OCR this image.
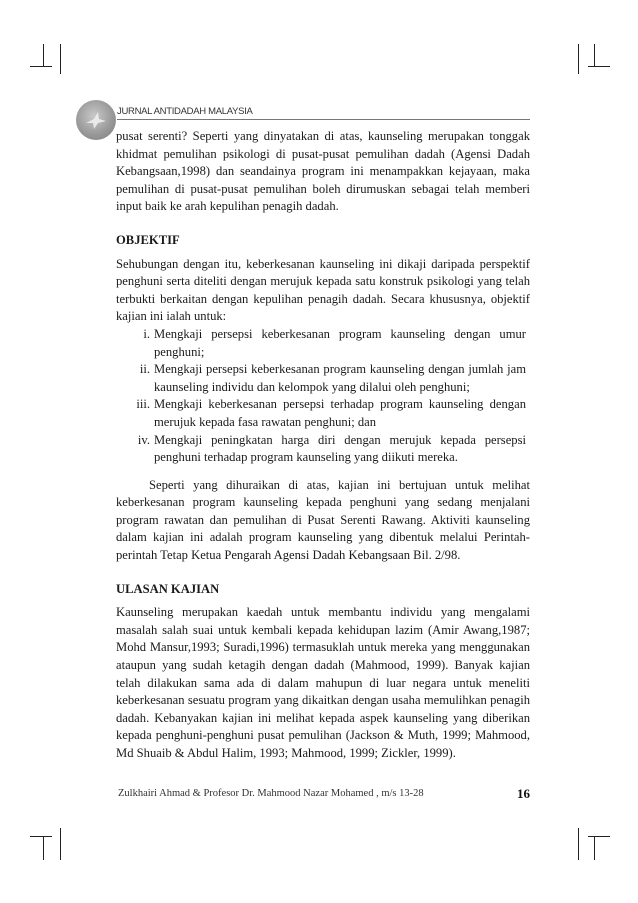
JURNAL ANTIDADAH MALAYSIA

pusat serenti? Seperti yang dinyatakan di atas, kaunseling merupakan tonggak khidmat pemulihan psikologi di pusat-pusat pemulihan dadah (Agensi Dadah Kebangsaan,1998) dan seandainya program ini menampakkan kejayaan, maka pemulihan di pusat-pusat pemulihan boleh dirumuskan sebagai telah memberi input baik ke arah kepulihan penagih dadah.

OBJEKTIF

Sehubungan dengan itu, keberkesanan kaunseling ini dikaji daripada perspektif penghuni serta diteliti dengan merujuk kepada satu konstruk psikologi yang telah terbukti berkaitan dengan kepulihan penagih dadah. Secara khususnya, objektif kajian ini ialah untuk:

i. Mengkaji persepsi keberkesanan program kaunseling dengan umur penghuni;
ii. Mengkaji persepsi keberkesanan program kaunseling dengan jumlah jam kaunseling individu dan kelompok yang dilalui oleh penghuni;
iii. Mengkaji keberkesanan persepsi terhadap program kaunseling dengan merujuk kepada fasa rawatan penghuni; dan
iv. Mengkaji peningkatan harga diri dengan merujuk kepada persepsi penghuni terhadap program kaunseling yang diikuti mereka.

Seperti yang dihuraikan di atas, kajian ini bertujuan untuk melihat keberkesanan program kaunseling kepada penghuni yang sedang menjalani program rawatan dan pemulihan di Pusat Serenti Rawang. Aktiviti kaunseling dalam kajian ini adalah program kaunseling yang dibentuk melalui Perintah-perintah Tetap Ketua Pengarah Agensi Dadah Kebangsaan Bil. 2/98.

ULASAN KAJIAN

Kaunseling merupakan kaedah untuk membantu individu yang mengalami masalah salah suai untuk kembali kepada kehidupan lazim (Amir Awang,1987; Mohd Mansur,1993; Suradi,1996) termasuklah untuk mereka yang menggunakan ataupun yang sudah ketagih dengan dadah (Mahmood, 1999). Banyak kajian telah dilakukan sama ada di dalam mahupun di luar negara untuk meneliti keberkesanan sesuatu program yang dikaitkan dengan usaha memulihkan penagih dadah. Kebanyakan kajian ini melihat kepada aspek kaunseling yang diberikan kepada penghuni-penghuni pusat pemulihan (Jackson & Muth, 1999; Mahmood, Md Shuaib & Abdul Halim, 1993; Mahmood, 1999; Zickler, 1999).

Zulkhairi Ahmad & Profesor Dr. Mahmood Nazar Mohamed , m/s 13-28	16
